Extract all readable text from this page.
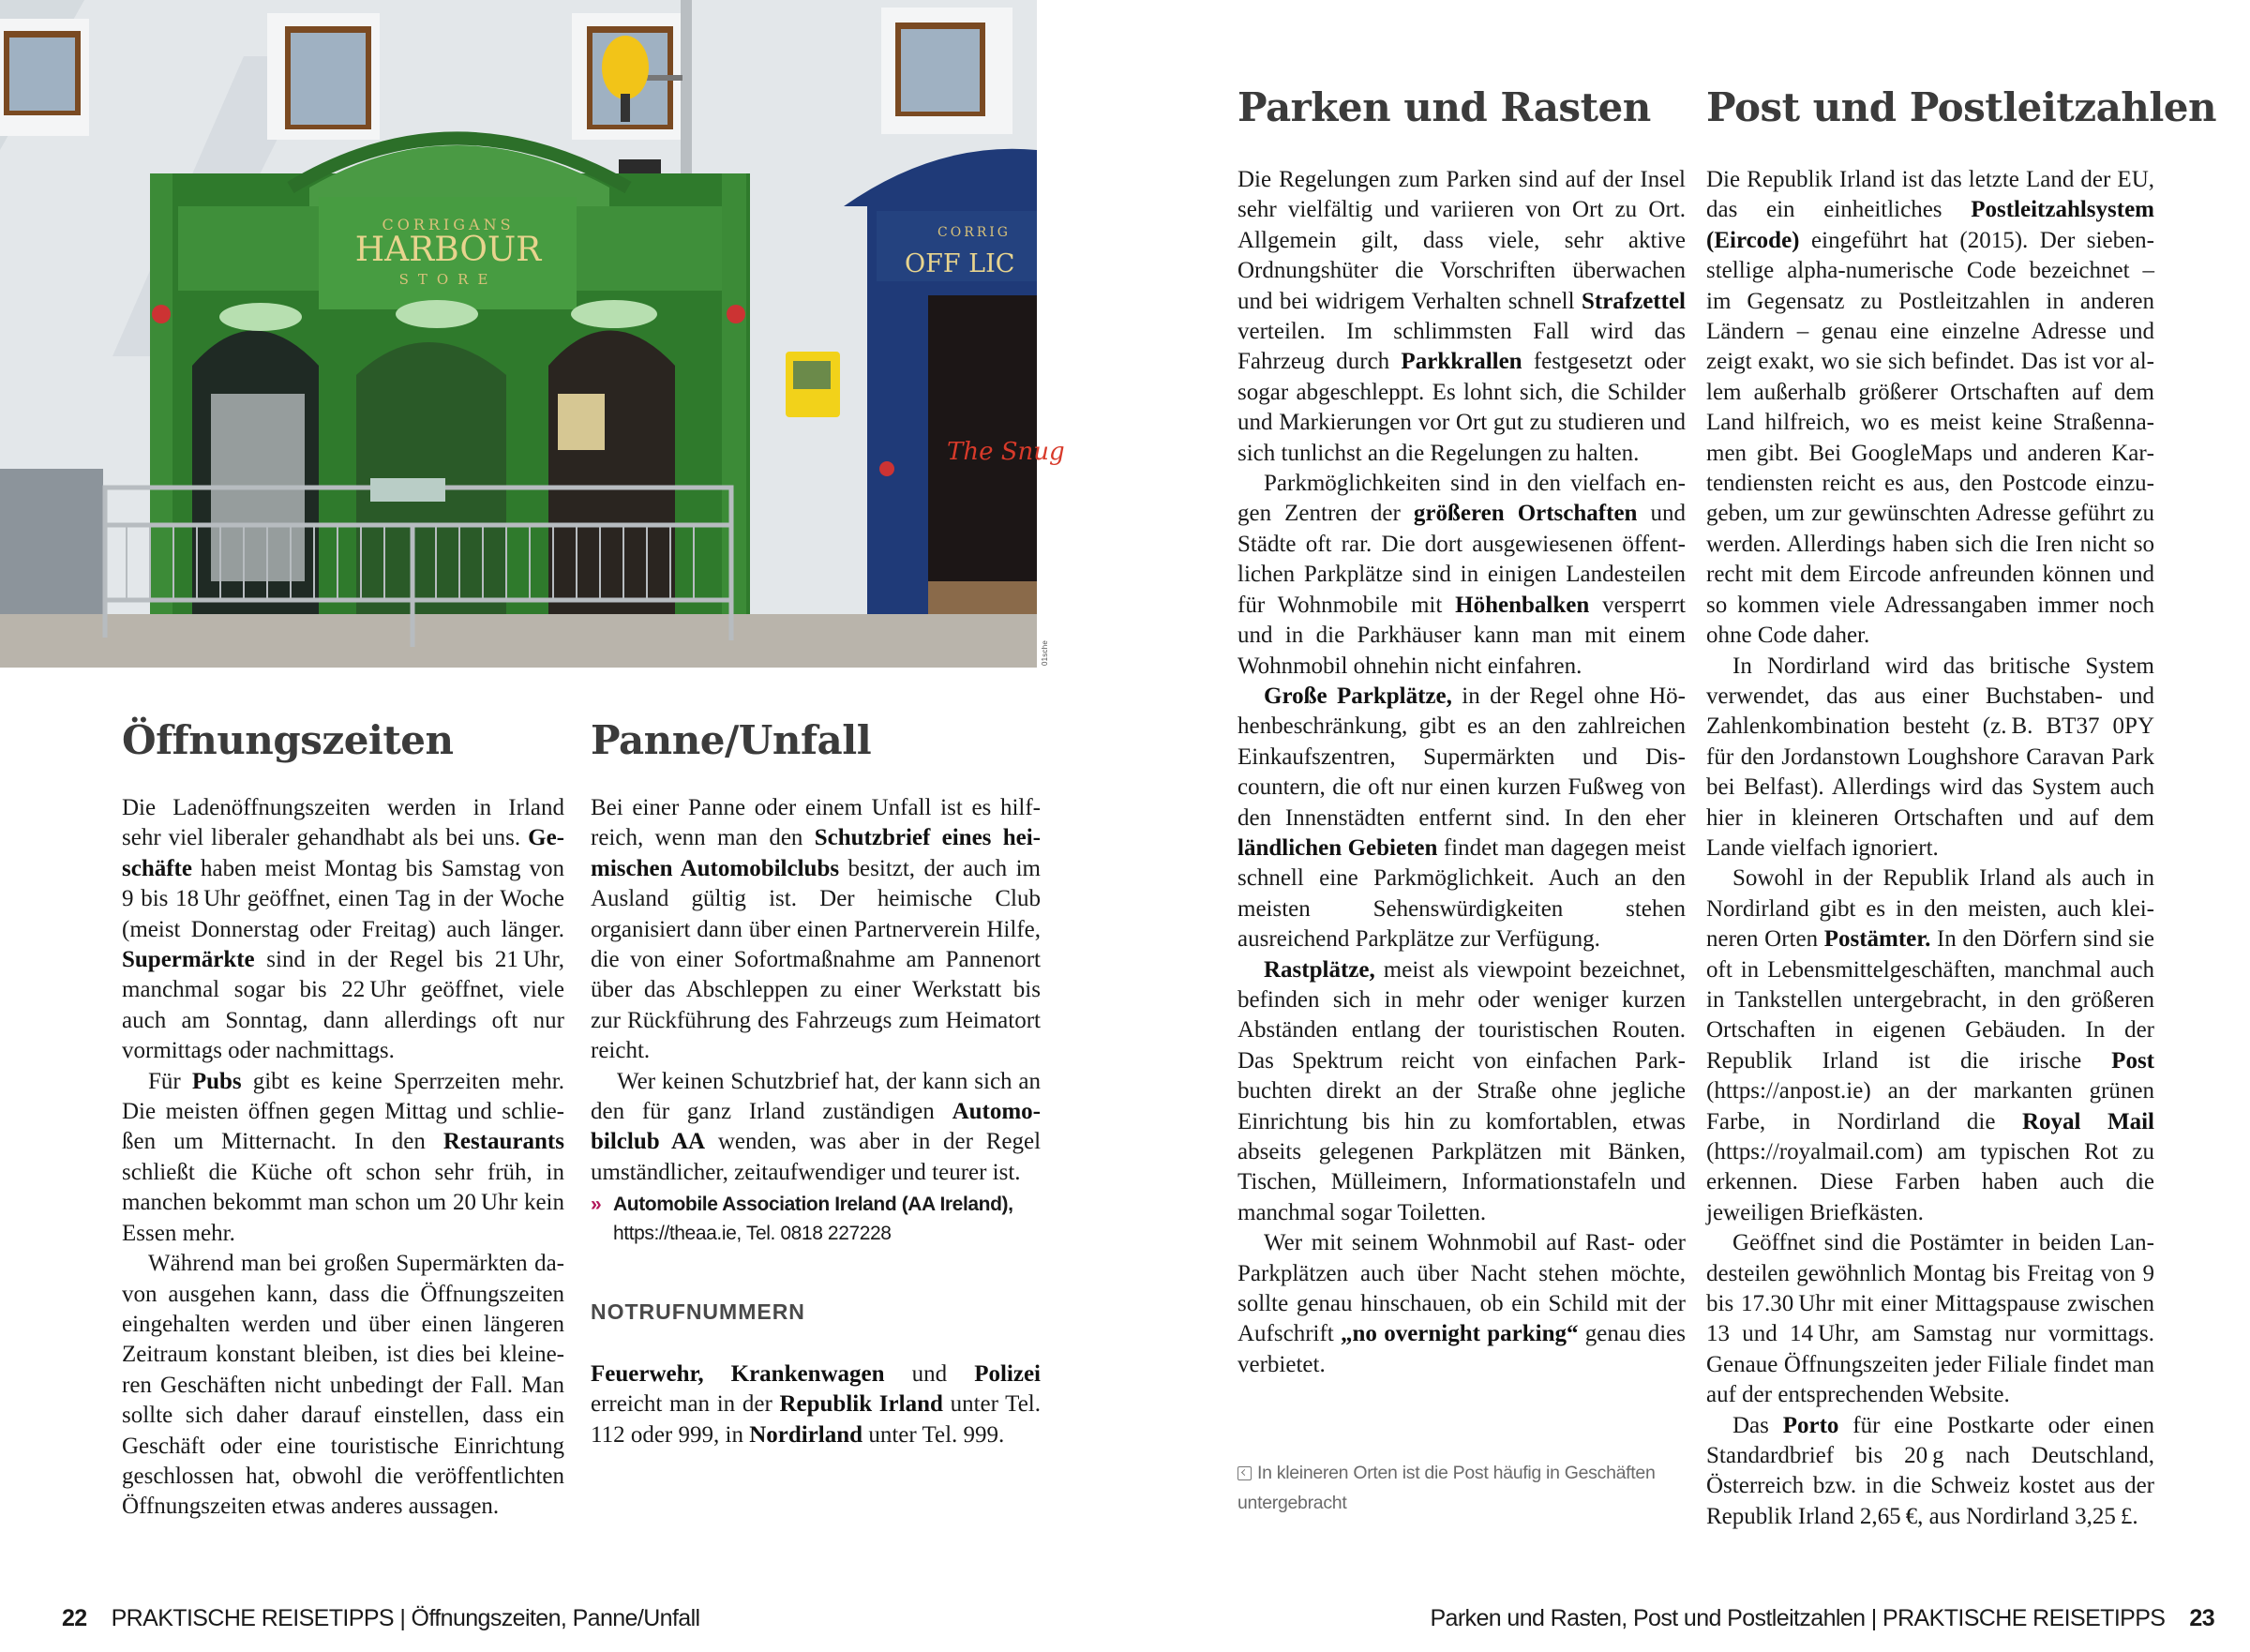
CORRIGANS
HARBOUR
STORE
CORRIG
OFF LIC
The Snug
01sche
Öffnungszeiten	Panne/Unfall

Die Ladenöffnungszeiten werden in Irland sehr viel liberaler gehandhabt als bei uns. Geschäfte haben meist Montag bis Samstag von 9 bis 18 Uhr geöffnet, einen Tag in der Woche (meist Donnerstag oder Freitag) auch länger. Supermärkte sind in der Regel bis 21 Uhr, manchmal sogar bis 22 Uhr geöffnet, viele auch am Sonntag, dann allerdings oft nur vormittags oder nachmittags.

Für Pubs gibt es keine Sperrzeiten mehr. Die meisten öffnen gegen Mittag und schließen um Mitternacht. In den Restaurants schließt die Küche oft schon sehr früh, in manchen bekommt man schon um 20 Uhr kein Essen mehr.

Während man bei großen Supermärkten davon ausgehen kann, dass die Öffnungszeiten eingehalten werden und über einen längeren Zeitraum konstant bleiben, ist dies bei kleineren Geschäften nicht unbedingt der Fall. Man sollte sich daher darauf einstellen, dass ein Geschäft oder eine touristische Einrichtung geschlossen hat, obwohl die veröffentlichten Öffnungszeiten etwas anderes aussagen.

Bei einer Panne oder einem Unfall ist es hilfreich, wenn man den Schutzbrief eines heimischen Automobilclubs besitzt, der auch im Ausland gültig ist. Der heimische Club organisiert dann über einen Partnerverein Hilfe, die von einer Sofortmaßnahme am Pannenort über das Abschleppen zu einer Werkstatt bis zur Rückführung des Fahrzeugs zum Heimatort reicht.

Wer keinen Schutzbrief hat, der kann sich an den für ganz Irland zuständigen Automobilclub AA wenden, was aber in der Regel umständlicher, zeitaufwendiger und teurer ist.

» Automobile Association Ireland (AA Ireland),
https://theaa.ie, Tel. 0818 227228
NOTRUFNUMMERN
Feuerwehr, Krankenwagen und Polizei erreicht man in der Republik Irland unter Tel. 112 oder 999, in Nordirland unter Tel. 999.
22 PRAKTISCHE REISETIPPS | Öffnungszeiten, Panne/Unfall
Parken und Rasten Post und Postleitzahlen

Die Regelungen zum Parken sind auf der Insel sehr vielfältig und variieren von Ort zu Ort. Allgemein gilt, dass viele, sehr aktive Ordnungshüter die Vorschriften überwachen und bei widrigem Verhalten schnell Strafzettel verteilen. Im schlimmsten Fall wird das Fahrzeug durch Parkkrallen festgesetzt oder sogar abgeschleppt. Es lohnt sich, die Schilder und Markierungen vor Ort gut zu studieren und sich tunlichst an die Regelungen zu halten.

Parkmöglichkeiten sind in den vielfach engen Zentren der größeren Ortschaften und Städte oft rar. Die dort ausgewiesenen öffentlichen Parkplätze sind in einigen Landesteilen für Wohnmobile mit Höhenbalken versperrt und in die Parkhäuser kann man mit einem Wohnmobil ohnehin nicht einfahren.

Große Parkplätze, in der Regel ohne Höhenbeschränkung, gibt es an den zahlreichen Einkaufszentren, Supermärkten und Discountern, die oft nur einen kurzen Fußweg von den Innenstädten entfernt sind. In den eher ländlichen Gebieten findet man dagegen meist schnell eine Parkmöglichkeit. Auch an den meisten Sehenswürdigkeiten stehen ausreichend Parkplätze zur Verfügung.

Rastplätze, meist als viewpoint bezeichnet, befinden sich in mehr oder weniger kurzen Abständen entlang der touristischen Routen. Das Spektrum reicht von einfachen Parkbuchten direkt an der Straße ohne jegliche Einrichtung bis hin zu komfortablen, etwas abseits gelegenen Parkplätzen mit Bänken, Tischen, Mülleimern, Informationstafeln und manchmal sogar Toiletten.

Wer mit seinem Wohnmobil auf Rast- oder Parkplätzen auch über Nacht stehen möchte, sollte genau hinschauen, ob ein Schild mit der Aufschrift „no overnight parking“ genau dies verbietet.

Die Republik Irland ist das letzte Land der EU, das ein einheitliches Postleitzahlsystem (Eircode) eingeführt hat (2015). Der siebenstellige alpha-numerische Code bezeichnet – im Gegensatz zu Postleitzahlen in anderen Ländern – genau eine einzelne Adresse und zeigt exakt, wo sie sich befindet. Das ist vor allem außerhalb größerer Ortschaften auf dem Land hilfreich, wo es meist keine Straßennamen gibt. Bei GoogleMaps und anderen Kartendiensten reicht es aus, den Postcode einzugeben, um zur gewünschten Adresse geführt zu werden. Allerdings haben sich die Iren nicht so recht mit dem Eircode anfreunden können und so kommen viele Adressangaben immer noch ohne Code daher.

In Nordirland wird das britische System verwendet, das aus einer Buchstaben- und Zahlenkombination besteht (z. B. BT37 0PY für den Jordanstown Loughshore Caravan Park bei Belfast). Allerdings wird das System auch hier in kleineren Ortschaften und auf dem Lande vielfach ignoriert.

Sowohl in der Republik Irland als auch in Nordirland gibt es in den meisten, auch kleineren Orten Postämter. In den Dörfern sind sie oft in Lebensmittelgeschäften, manchmal auch in Tankstellen untergebracht, in den größeren Ortschaften in eigenen Gebäuden. In der Republik Irland ist die irische Post (https://anpost.ie) an der markanten grünen Farbe, in Nordirland die Royal Mail (https://royalmail.com) am typischen Rot zu erkennen. Diese Farben haben auch die jeweiligen Briefkästen.

Geöffnet sind die Postämter in beiden Landesteilen gewöhnlich Montag bis Freitag von 9 bis 17.30 Uhr mit einer Mittagspause zwischen 13 und 14 Uhr, am Samstag nur vormittags. Genaue Öffnungszeiten jeder Filiale findet man auf der entsprechenden Website.

Das Porto für eine Postkarte oder einen Standardbrief bis 20 g nach Deutschland, Österreich bzw. in die Schweiz kostet aus der Republik Irland 2,65 €, aus Nordirland 3,25 £.

In kleineren Orten ist die Post häufig in Geschäften untergebracht
Parken und Rasten, Post und Postleitzahlen | PRAKTISCHE REISETIPPS 23
